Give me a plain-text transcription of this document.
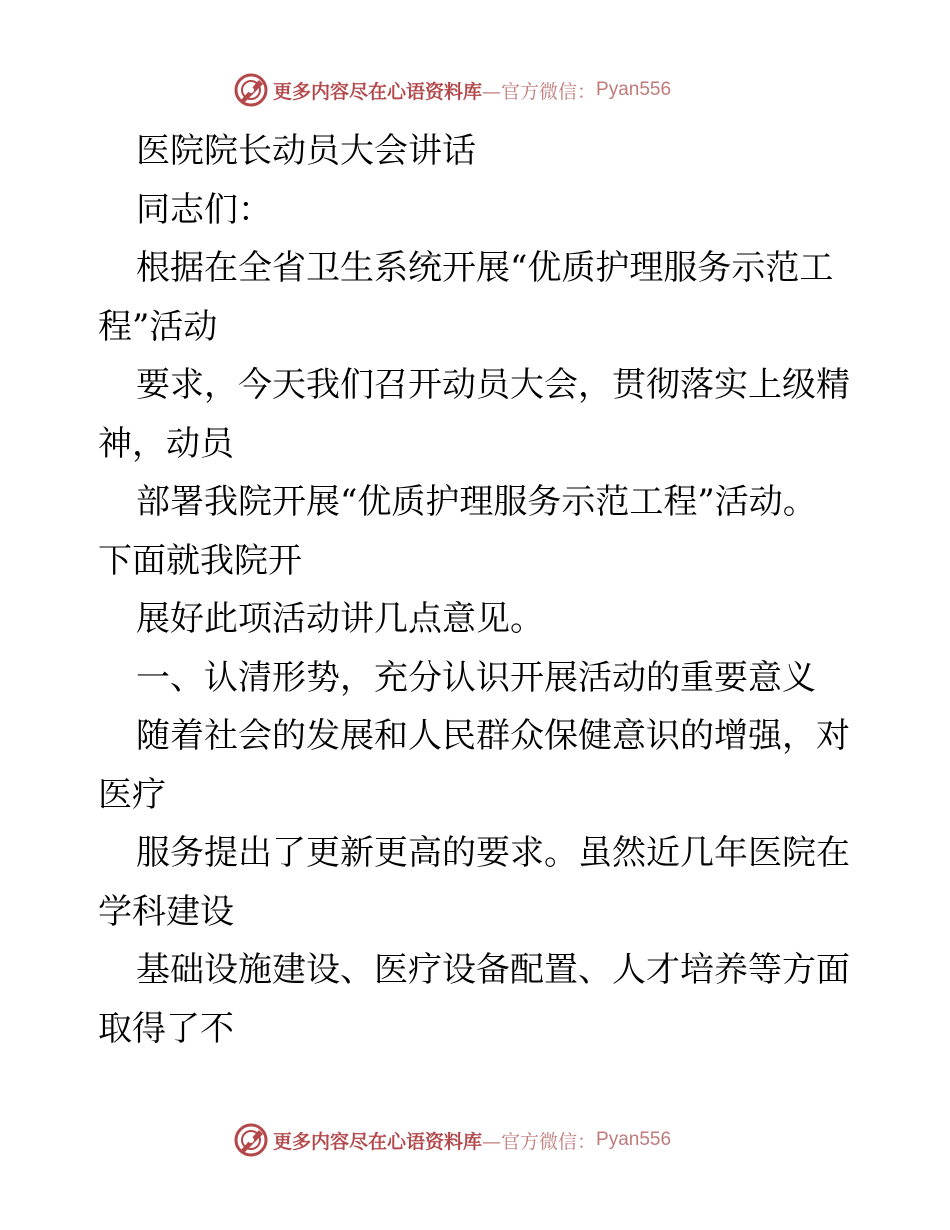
更多内容尽在心语资料库 —官方微信： Pyan556

医院院长动员大会讲话

同志们：

根据在全省卫生系统开展“优质护理服务示范工

程”活动

要求，今天我们召开动员大会，贯彻落实上级精

神，动员

部署我院开展“优质护理服务示范工程”活动。

下面就我院开

展好此项活动讲几点意见。

一、认清形势，充分认识开展活动的重要意义

随着社会的发展和人民群众保健意识的增强，对

医疗

服务提出了更新更高的要求。虽然近几年医院在

学科建设

基础设施建设、医疗设备配置、人才培养等方面

取得了不

更多内容尽在心语资料库 —官方微信： Pyan556
